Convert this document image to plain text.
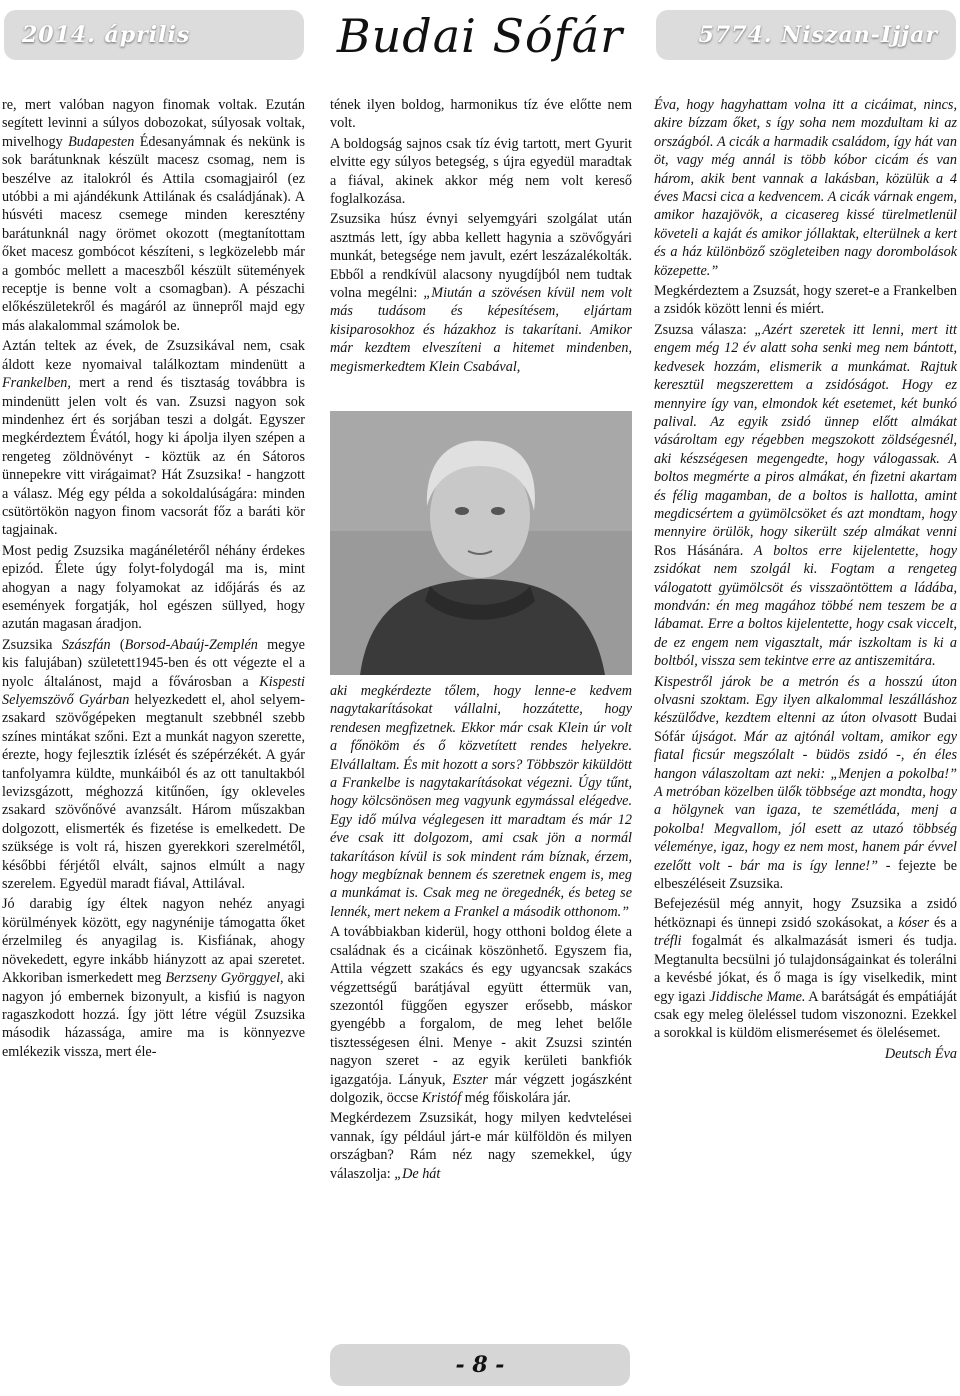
2014. április	Budai Sófár	5774. Niszan-Ijjar

re, mert valóban nagyon finomak voltak. Ezután segített levinni a súlyos dobozokat, súlyosak voltak, mivelhogy Budapesten Édesanyámnak és nekünk is sok barátunknak készült macesz csomag, nem is beszélve az italokról és Attila csomagjairól (ez utóbbi a mi ajándékunk Attilának és családjának). A húsvéti macesz csemege minden keresztény barátunknál nagy örömet okozott (megtanítottam őket macesz gombócot készíteni, s legközelebb már a gombóc mellett a maceszből készült sütemények receptje is benne volt a csomagban). A pészachi előkészületekről és magáról az ünnepről majd egy más alakalommal számolok be.

Aztán teltek az évek, de Zsuzsikával nem, csak áldott keze nyomaival találkoztam mindenütt a Frankelben, mert a rend és tisztaság továbbra is mindenütt jelen volt és van. Zsuzsi nagyon sok mindenhez ért és sorjában teszi a dolgát. Egyszer megkérdeztem Évától, hogy ki ápolja ilyen szépen a rengeteg zöldnövényt - köztük az én Sátoros ünnepekre vitt virágaimat? Hát Zsuzsika! - hangzott a válasz. Még egy példa a sokoldalúságára: minden csütörtökön nagyon finom vacsorát főz a baráti kör tagjainak.

Most pedig Zsuzsika magánéletéről néhány érdekes epizód. Élete úgy folyt-folydogál ma is, mint ahogyan a nagy folyamokat az időjárás és az események forgatják, hol egészen süllyed, hogy azután magasan áradjon.

Zsuzsika Szászfán (Borsod-Abaúj-Zemplén megye kis falujában) született1945-ben és ott végezte el a nyolc általánost, majd a fővárosban a Kispesti Selyemszövő Gyárban helyezkedett el, ahol selyem-zsakard szövőgépeken megtanult szebbnél szebb színes mintákat szőni. Ezt a munkát nagyon szerette, érezte, hogy fejlesztik ízlését és szépérzékét. A gyár tanfolyamra küldte, munkáiból és az ott tanultakból levizsgázott, méghozzá kitűnően, így okleveles zsakard szövőnővé avanzsált. Három műszakban dolgozott, elismerték és fizetése is emelkedett. De szüksége is volt rá, hiszen gyerekkori szerelmétől, későbbi férjétől elvált, sajnos elmúlt a nagy szerelem. Egyedül maradt fiával, Attilával.

Jó darabig így éltek nagyon nehéz anyagi körülmények között, egy nagynénije támogatta őket érzelmileg és anyagilag is. Kisfiának, ahogy növekedett, egyre inkább hiányzott az apai szeretet. Akkoriban ismerkedett meg Berzseny Györggyel, aki nagyon jó embernek bizonyult, a kisfiú is nagyon ragaszkodott hozzá. Így jött létre végül Zsuzsika második házassága, amire ma is könnyezve emlékezik vissza, mert éle-

tének ilyen boldog, harmonikus tíz éve előtte nem volt.

A boldogság sajnos csak tíz évig tartott, mert Gyurit elvitte egy súlyos betegség, s újra egyedül maradtak a fiával, akinek akkor még nem volt kereső foglalkozása.

Zsuzsika húsz évnyi selyemgyári szolgálat után asztmás lett, így abba kellett hagynia a szövőgyári munkát, betegsége nem javult, ezért leszázalékolták. Ebből a rendkívül alacsony nyugdíjból nem tudtak volna megélni: „Miután a szövésen kívül nem volt más tudásom és képesítésem, eljártam kisiparosokhoz és házakhoz is takarítani. Amikor már kezdtem elveszíteni a hitemet mindenben, megismerkedtem Klein Csabával,

aki megkérdezte tőlem, hogy lenne-e kedvem nagytakarításokat vállalni, hozzátette, hogy rendesen megfizetnek. Ekkor már csak Klein úr volt a főnököm és ő közvetített rendes helyekre. Elvállaltam. És mit hozott a sors? Többször kiküldött a Frankelbe is nagytakarításokat végezni. Úgy tűnt, hogy kölcsönösen meg vagyunk egymással elégedve. Egy idő múlva véglegesen itt maradtam és már 12 éve csak itt dolgozom, ami csak jön a normál takarításon kívül is sok mindent rám bíznak, érzem, hogy megbíznak bennem és szeretnek engem is, meg a munkámat is. Csak meg ne öregednék, és beteg se lennék, mert nekem a Frankel a második otthonom.”

A továbbiakban kiderül, hogy otthoni boldog élete a családnak és a cicáinak köszönhető. Egyszem fia, Attila végzett szakács és egy ugyancsak szakács végzettségű barátjával együtt éttermük van, szezontól függően egyszer erősebb, máskor gyengébb a forgalom, de meg lehet belőle tisztességesen élni. Menye - akit Zsuzsi szintén nagyon szeret - az egyik kerületi bankfiók igazgatója. Lányuk, Eszter már végzett jogászként dolgozik, öccse Kristóf még főiskolára jár.

Megkérdezem Zsuzsikát, hogy milyen kedvtelései vannak, így például járt-e már külföldön és milyen országban? Rám néz nagy szemekkel, úgy válaszolja: „De hát

Éva, hogy hagyhattam volna itt a cicáimat, nincs, akire bízzam őket, s így soha nem mozdultam ki az országból. A cicák a harmadik családom, így hát van öt, vagy még annál is több kóbor cicám és van három, akik bent vannak a lakásban, közülük a 4 éves Macsi cica a kedvencem. A cicák várnak engem, amikor hazajövök, a cicasereg kissé türelmetlenül követeli a kaját és amikor jóllaktak, elterülnek a kert és a ház különböző szögleteiben nagy dorombolások közepette.”

Megkérdeztem a Zsuzsát, hogy szeret-e a Frankelben a zsidók között lenni és miért.

Zsuzsa válasza: „Azért szeretek itt lenni, mert itt engem még 12 év alatt soha senki meg nem bántott, kedvesek hozzám, elismerik a munkámat. Rajtuk keresztül megszerettem a zsidóságot. Hogy ez mennyire így van, elmondok két esetemet, két bunkó palival. Az egyik zsidó ünnep előtt almákat vásároltam egy régebben megszokott zöldségesnél, aki készségesen megengedte, hogy válogassak. A boltos megmérte a piros almákat, én fizetni akartam és félig magamban, de a boltos is hallotta, amint megdicsértem a gyümölcsöket és azt mondtam, hogy mennyire örülök, hogy sikerült szép almákat venni Ros Hásánára. A boltos erre kijelentette, hogy zsidókat nem szolgál ki. Fogtam a rengeteg válogatott gyümölcsöt és visszaöntöttem a ládába, mondván: én meg magához többé nem teszem be a lábamat. Erre a boltos kijelentette, hogy csak viccelt, de ez engem nem vigasztalt, már iszkoltam is ki a boltból, vissza sem tekintve erre az antiszemitára.

Kispestről járok be a metrón és a hosszú úton olvasni szoktam. Egy ilyen alkalommal leszálláshoz készülődve, kezdtem eltenni az úton olvasott Budai Sófár újságot. Már az ajtónál voltam, amikor egy fiatal ficsúr megszólalt - büdös zsidó -, én éles hangon válaszoltam azt neki: „Menjen a pokolba!” A metróban közelben ülők többsége azt mondta, hogy a hölgynek van igaza, te szemétláda, menj a pokolba! Megvallom, jól esett az utazó többség véleménye, igaz, hogy ez nem most, hanem pár évvel ezelőtt volt - bár ma is így lenne!” - fejezte be elbeszéléseit Zsuzsika.

Befejezésül még annyit, hogy Zsuzsika a zsidó hétköznapi és ünnepi zsidó szokásokat, a kóser és a tréfli fogalmát és alkalmazását ismeri és tudja. Megtanulta becsülni jó tulajdonságainkat és tolerálni a kevésbé jókat, és ő maga is így viselkedik, mint egy igazi Jiddische Mame. A barátságát és empátiáját csak egy meleg öleléssel tudom viszonozni. Ezekkel a sorokkal is küldöm elismerésemet és ölelésemet.

Deutsch Éva

- 8 -
